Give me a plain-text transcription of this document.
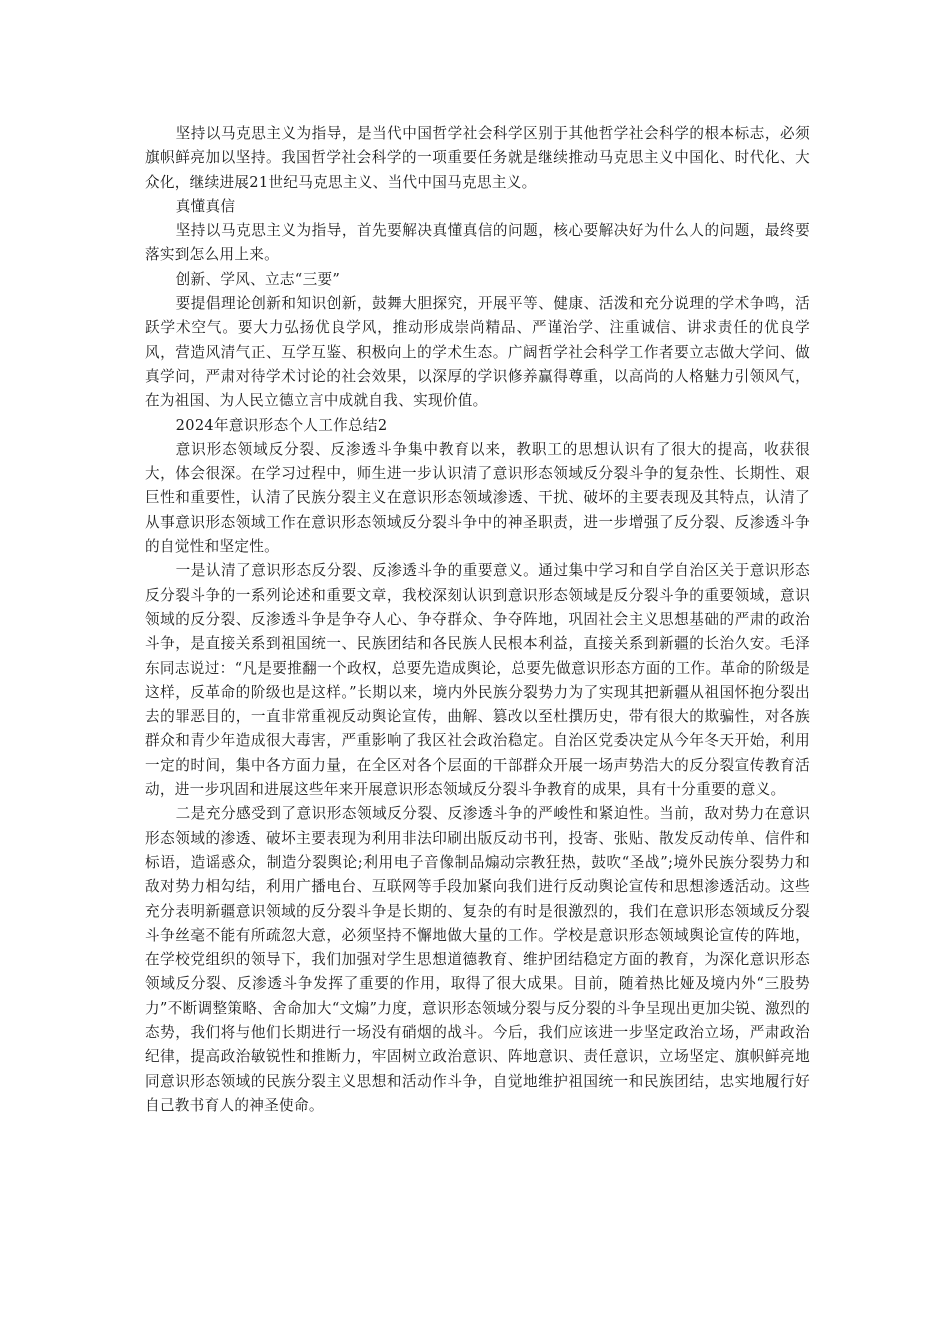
坚持以马克思主义为指导，是当代中国哲学社会科学区别于其他哲学社会科学的根本标志，必须旗帜鲜亮加以坚持。我国哲学社会科学的一项重要任务就是继续推动马克思主义中国化、时代化、大众化，继续进展21世纪马克思主义、当代中国马克思主义。

真懂真信

坚持以马克思主义为指导，首先要解决真懂真信的问题，核心要解决好为什么人的问题，最终要落实到怎么用上来。

创新、学风、立志“三要”

要提倡理论创新和知识创新，鼓舞大胆探究，开展平等、健康、活泼和充分说理的学术争鸣，活跃学术空气。要大力弘扬优良学风，推动形成崇尚精品、严谨治学、注重诚信、讲求责任的优良学风，营造风清气正、互学互鉴、积极向上的学术生态。广阔哲学社会科学工作者要立志做大学问、做真学问，严肃对待学术讨论的社会效果，以深厚的学识修养赢得尊重，以高尚的人格魅力引领风气，在为祖国、为人民立德立言中成就自我、实现价值。

2024年意识形态个人工作总结2

意识形态领域反分裂、反渗透斗争集中教育以来，教职工的思想认识有了很大的提高，收获很大，体会很深。在学习过程中，师生进一步认识清了意识形态领域反分裂斗争的复杂性、长期性、艰巨性和重要性，认清了民族分裂主义在意识形态领域渗透、干扰、破坏的主要表现及其特点，认清了从事意识形态领域工作在意识形态领域反分裂斗争中的神圣职责，进一步增强了反分裂、反渗透斗争的自觉性和坚定性。

一是认清了意识形态反分裂、反渗透斗争的重要意义。通过集中学习和自学自治区关于意识形态反分裂斗争的一系列论述和重要文章，我校深刻认识到意识形态领域是反分裂斗争的重要领域，意识领域的反分裂、反渗透斗争是争夺人心、争夺群众、争夺阵地，巩固社会主义思想基础的严肃的政治斗争，是直接关系到祖国统一、民族团结和各民族人民根本利益，直接关系到新疆的长治久安。毛泽东同志说过：“凡是要推翻一个政权，总要先造成舆论，总要先做意识形态方面的工作。革命的阶级是这样，反革命的阶级也是这样。”长期以来，境内外民族分裂势力为了实现其把新疆从祖国怀抱分裂出去的罪恶目的，一直非常重视反动舆论宣传，曲解、篡改以至杜撰历史，带有很大的欺骗性，对各族群众和青少年造成很大毒害，严重影响了我区社会政治稳定。自治区党委决定从今年冬天开始，利用一定的时间，集中各方面力量，在全区对各个层面的干部群众开展一场声势浩大的反分裂宣传教育活动，进一步巩固和进展这些年来开展意识形态领域反分裂斗争教育的成果，具有十分重要的意义。

二是充分感受到了意识形态领域反分裂、反渗透斗争的严峻性和紧迫性。当前，敌对势力在意识形态领域的渗透、破坏主要表现为利用非法印刷出版反动书刊，投寄、张贴、散发反动传单、信件和标语，造谣惑众，制造分裂舆论;利用电子音像制品煽动宗教狂热，鼓吹“圣战”;境外民族分裂势力和敌对势力相勾结，利用广播电台、互联网等手段加紧向我们进行反动舆论宣传和思想渗透活动。这些充分表明新疆意识领域的反分裂斗争是长期的、复杂的有时是很激烈的，我们在意识形态领域反分裂斗争丝毫不能有所疏忽大意，必须坚持不懈地做大量的工作。学校是意识形态领域舆论宣传的阵地，在学校党组织的领导下，我们加强对学生思想道德教育、维护团结稳定方面的教育，为深化意识形态领域反分裂、反渗透斗争发挥了重要的作用，取得了很大成果。目前，随着热比娅及境内外“三股势力”不断调整策略、舍命加大“文煽”力度，意识形态领域分裂与反分裂的斗争呈现出更加尖锐、激烈的态势，我们将与他们长期进行一场没有硝烟的战斗。今后，我们应该进一步坚定政治立场，严肃政治纪律，提高政治敏锐性和推断力，牢固树立政治意识、阵地意识、责任意识，立场坚定、旗帜鲜亮地同意识形态领域的民族分裂主义思想和活动作斗争，自觉地维护祖国统一和民族团结，忠实地履行好自己教书育人的神圣使命。
